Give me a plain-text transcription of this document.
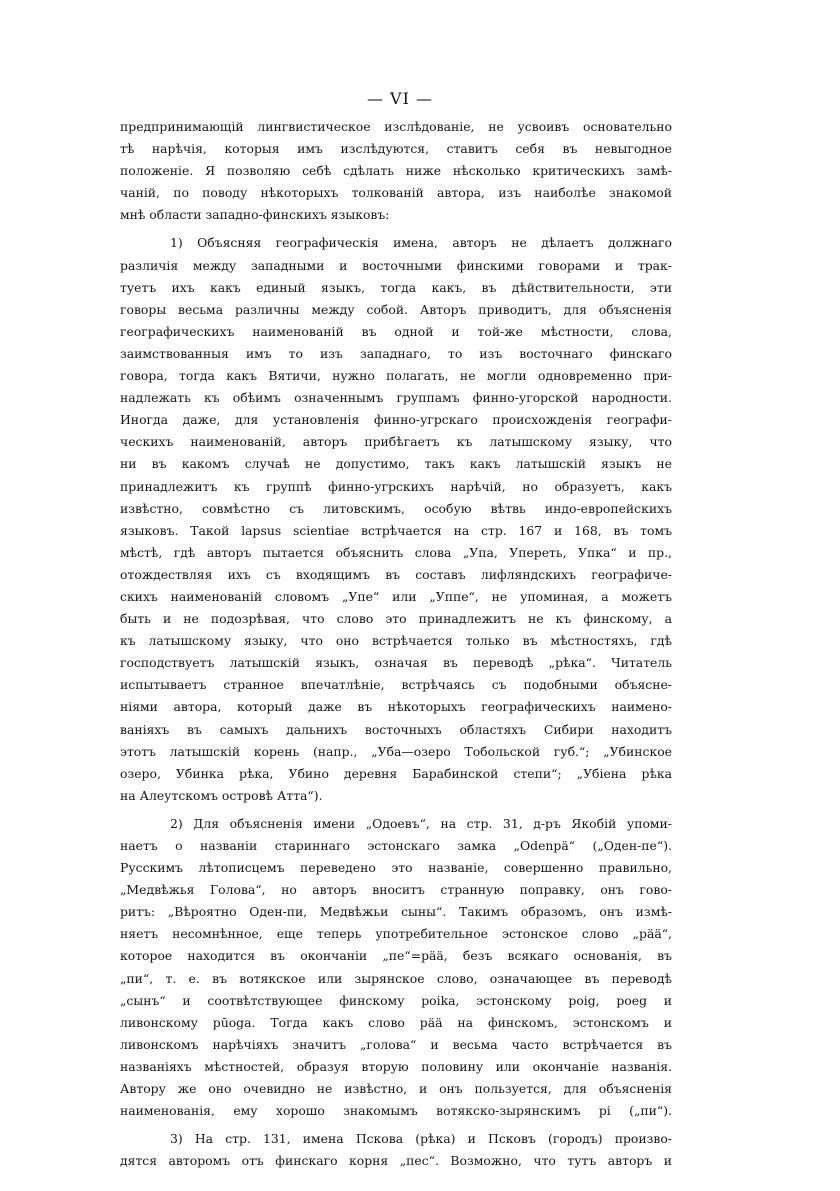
— VI —
предпринимающій лингвистическое изслѣдованіе, не усвоивъ основательно
тѣ нарѣчія, которыя имъ изслѣдуются, ставитъ себя въ невыгодное
положеніе. Я позволяю себѣ сдѣлать ниже нѣсколько критическихъ замѣ-
чаній, по поводу нѣкоторыхъ толкованій автора, изъ наиболѣе знакомой
мнѣ области западно-финскихъ языковъ:
1) Объясняя географическія имена, авторъ не дѣлаетъ должнаго
различія между западными и восточными финскими говорами и трак-
туетъ ихъ какъ единый языкъ, тогда какъ, въ дѣйствительности, эти
говоры весьма различны между собой. Авторъ приводитъ, для объясненія
географическихъ наименованій въ одной и той-же мѣстности, слова,
заимствованныя имъ то изъ западнаго, то изъ восточнаго финскаго
говора, тогда какъ Вятичи, нужно полагать, не могли одновременно при-
надлежать къ обѣимъ означеннымъ группамъ финно-угорской народности.
Иногда даже, для установленія финно-угрскаго происхожденія географи-
ческихъ наименованій, авторъ прибѣгаетъ къ латышскому языку, что
ни въ какомъ случаѣ не допустимо, такъ какъ латышскій языкъ не
принадлежитъ къ группѣ финно-угрскихъ нарѣчій, но образуетъ, какъ
извѣстно, совмѣстно съ литовскимъ, особую вѣтвь индо-европейскихъ
языковъ. Такой lapsus scientiae встрѣчается на стр. 167 и 168, въ томъ
мѣстѣ, гдѣ авторъ пытается объяснить слова „Упа, Упереть, Упка“ и пр.,
отождествляя ихъ съ входящимъ въ составъ лифляндскихъ географиче-
скихъ наименованій словомъ „Упе“ или „Уппе“, не упоминая, а можетъ
быть и не подозрѣвая, что слово это принадлежитъ не къ финскому, а
къ латышскому языку, что оно встрѣчается только въ мѣстностяхъ, гдѣ
господствуетъ латышскій языкъ, означая въ переводѣ „рѣка“. Читатель
испытываетъ странное впечатлѣніе, встрѣчаясь съ подобными объясне-
ніями автора, который даже въ нѣкоторыхъ географическихъ наимено-
ваніяхъ въ самыхъ дальнихъ восточныхъ областяхъ Сибири находитъ
этотъ латышскій корень (напр., „Уба—озеро Тобольской губ.“; „Убинское
озеро, Убинка рѣка, Убино деревня Барабинской степи“; „Убіена рѣка
на Алеутскомъ островѣ Атта“).
2) Для объясненія имени „Одоевъ“, на стр. 31, д-ръ Якобій упоми-
наетъ о названіи стариннаго эстонскаго замка „Оdenpä“ („Оден-пе“).
Русскимъ лѣтописцемъ переведено это названіе, совершенно правильно,
„Медвѣжья Голова“, но авторъ вноситъ странную поправку, онъ гово-
ритъ: „Вѣроятно Оден-пи, Медвѣжьи сыны“. Такимъ образомъ, онъ измѣ-
няетъ несомнѣнное, еще теперь употребительное эстонское слово „pää“,
которое находится въ окончаніи „пе“=pää, безъ всякаго основанія, въ
„пи“, т. е. въ вотякское или зырянское слово, означающее въ переводѣ
„сынъ“ и соотвѣтствующее финскому poika, эстонскому poig, poeg и
ливонскому pūoga. Тогда какъ слово pää на финскомъ, эстонскомъ и
ливонскомъ нарѣчіяхъ значитъ „голова“ и весьма часто встрѣчается въ
названіяхъ мѣстностей, образуя вторую половину или окончаніе названія.
Автору же оно очевидно не извѣстно, и онъ пользуется, для объясненія
наименованія, ему хорошо знакомымъ вотякско-зырянскимъ pi („пи“).
3) На стр. 131, имена Пскова (рѣка) и Псковъ (городъ) произво-
дятся авторомъ отъ финскаго корня „пес“. Возможно, что тутъ авторъ и
